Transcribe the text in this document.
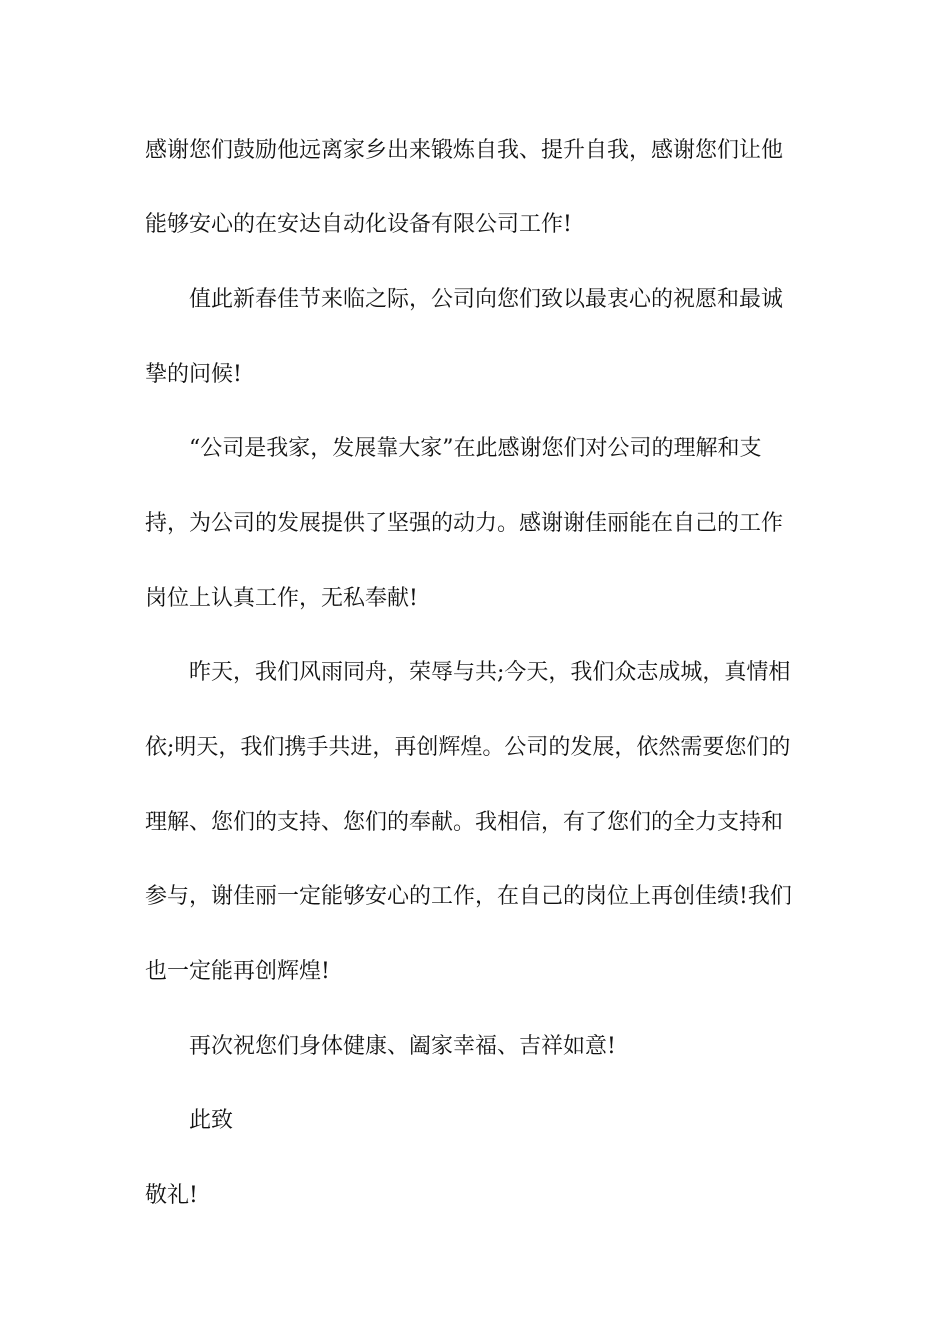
感谢您们鼓励他远离家乡出来锻炼自我、提升自我，感谢您们让他
能够安心的在安达自动化设备有限公司工作!
值此新春佳节来临之际，公司向您们致以最衷心的祝愿和最诚
挚的问候!
“公司是我家，发展靠大家”在此感谢您们对公司的理解和支
持，为公司的发展提供了坚强的动力。感谢谢佳丽能在自己的工作
岗位上认真工作，无私奉献!
昨天，我们风雨同舟，荣辱与共;今天，我们众志成城，真情相
依;明天，我们携手共进，再创辉煌。公司的发展，依然需要您们的
理解、您们的支持、您们的奉献。我相信，有了您们的全力支持和
参与，谢佳丽一定能够安心的工作，在自己的岗位上再创佳绩!我们
也一定能再创辉煌!
再次祝您们身体健康、阖家幸福、吉祥如意!
此致
敬礼!
